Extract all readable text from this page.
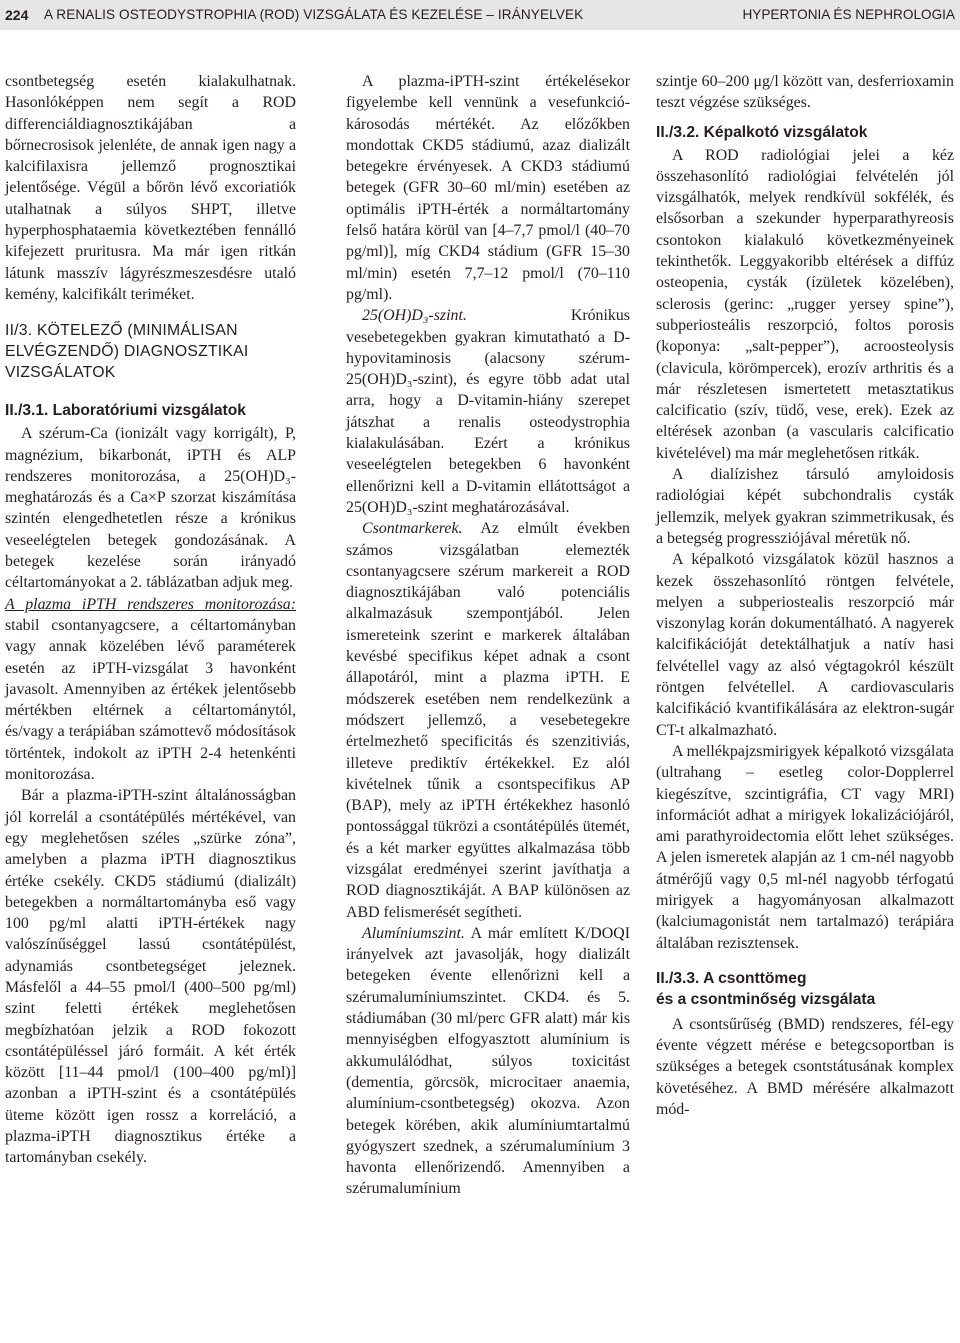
224 A RENALIS OSTEODYSTROPHIA (ROD) VIZSGÁLATA ÉS KEZELÉSE – IRÁNYELVEK	HYPERTONIA ÉS NEPHROLOGIA

csontbetegség esetén kialakulhatnak. Hasonlóképpen nem segít a ROD differenciáldiagnosztikájában a bőrnecrosisok jelenléte, de annak igen nagy a kalcifilaxisra jellemző prognosztikai jelentősége. Végül a bőrön lévő excoriatiók utalhatnak a súlyos SHPT, illetve hyperphosphataemia következtében fennálló kifejezett pruritusra. Ma már igen ritkán látunk masszív lágyrészmeszesdésre utaló kemény, kalcifikált teriméket.

II/3. KÖTELEZŐ (MINIMÁLISAN ELVÉGZENDŐ) DIAGNOSZTIKAI VIZSGÁLATOK
II./3.1. Laboratóriumi vizsgálatok

A szérum-Ca (ionizált vagy korrigált), P, magnézium, bikarbonát, iPTH és ALP rendszeres monitorozása, a 25(OH)D₃-meghatározás és a Ca×P szorzat kiszámítása szintén elengedhetetlen része a krónikus veseelégtelen betegek gondozásának. A betegek kezelése során irányadó céltartományokat a 2. táblázatban adjuk meg.

A plazma iPTH rendszeres monitorozása: stabil csontanyagcsere, a céltartományban vagy annak közelében lévő paraméterek esetén az iPTH-vizsgálat 3 havonként javasolt. Amennyiben az értékek jelentősebb mértékben eltérnek a céltartománytól, és/vagy a terápiában számottevő módosítások történtek, indokolt az iPTH 2-4 hetenkénti monitorozása.

Bár a plazma-iPTH-szint általánosságban jól korrelál a csontátépülés mértékével, van egy meglehetősen széles „szürke zóna”, amelyben a plazma iPTH diagnosztikus értéke csekély. CKD5 stádiumú (dializált) betegekben a normáltartományba eső vagy 100 pg/ml alatti iPTH-értékek nagy valószínűséggel lassú csontátépülést, adynamiás csontbetegséget jeleznek. Másfelől a 44–55 pmol/l (400–500 pg/ml) szint feletti értékek meglehetősen megbízhatóan jelzik a ROD fokozott csontátépüléssel járó formáit. A két érték között [11–44 pmol/l (100–400 pg/ml)] azonban a iPTH-szint és a csontátépülés üteme között igen rossz a korreláció, a plazma-iPTH diagnosztikus értéke a tartományban csekély.

A plazma-iPTH-szint értékelésekor figyelembe kell vennünk a vesefunkció-károsodás mértékét. Az előzőkben mondottak CKD5 stádiumú, azaz dializált betegekre érvényesek. A CKD3 stádiumú betegek (GFR 30–60 ml/min) esetében az optimális iPTH-érték a normáltartomány felső határa körül van [4–7,7 pmol/l (40–70 pg/ml)], míg CKD4 stádium (GFR 15–30 ml/min) esetén 7,7–12 pmol/l (70–110 pg/ml).

25(OH)D₃-szint. Krónikus vesebetegekben gyakran kimutatható a D-hypovitaminosis (alacsony szérum-25(OH)D₃-szint), és egyre több adat utal arra, hogy a D-vitamin-hiány szerepet játszhat a renalis osteodystrophia kialakulásában. Ezért a krónikus veseelégtelen betegekben 6 havonként ellenőrizni kell a D-vitamin ellátottságot a 25(OH)D₃-szint meghatározásával.

Csontmarkerek. Az elmúlt években számos vizsgálatban elemezték csontanyagcsere szérum markereit a ROD diagnosztikájában való potenciális alkalmazásuk szempontjából. Jelen ismereteink szerint e markerek általában kevésbé specifikus képet adnak a csont állapotáról, mint a plazma iPTH. E módszerek esetében nem rendelkezünk a módszert jellemző, a vesebetegekre értelmezhető specificitás és szenzitiviás, illeteve prediktív értékekkel. Ez alól kivételnek tűnik a csontspecifikus AP (BAP), mely az iPTH értékekhez hasonló pontossággal tükrözi a csontátépülés ütemét, és a két marker együttes alkalmazása több vizsgálat eredményei szerint javíthatja a ROD diagnosztikáját. A BAP különösen az ABD felismerését segítheti.

Alumíniumszint. A már említett K/DOQI irányelvek azt javasolják, hogy dializált betegeken évente ellenőrizni kell a szérumalumíniumszintet. CKD4. és 5. stádiumában (30 ml/perc GFR alatt) már kis mennyiségben elfogyasztott alumínium is akkumulálódhat, súlyos toxicitást (dementia, görcsök, microcitaer anaemia, alumínium-csontbetegség) okozva. Azon betegek körében, akik alumíniumtartalmú gyógyszert szednek, a szérumalumínium 3 havonta ellenőrizendő. Amennyiben a szérumalumínium

szintje 60–200 μg/l között van, desferrioxamin teszt végzése szükséges.

II./3.2. Képalkotó vizsgálatok

A ROD radiológiai jelei a kéz összehasonlító radiológiai felvételén jól vizsgálhatók, melyek rendkívül sokfélék, és elsősorban a szekunder hyperparathyreosis csontokon kialakuló következményeinek tekinthetők. Leggyakoribb eltérések a diffúz osteopenia, cysták (ízületek közelében), sclerosis (gerinc: „rugger yersey spine”), subperiosteális reszorpció, foltos porosis (koponya: „salt-pepper”), acroosteolysis (clavicula, körömpercek), erozív arthritis és a már részletesen ismertetett metasztatikus calcificatio (szív, tüdő, vese, erek). Ezek az eltérések azonban (a vascularis calcificatio kivételével) ma már meglehetősen ritkák.

A dialízishez társuló amyloidosis radiológiai képét subchondralis cysták jellemzik, melyek gyakran szimmetrikusak, és a betegség progressziójával méretük nő.

A képalkotó vizsgálatok közül hasznos a kezek összehasonlító röntgen felvétele, melyen a subperiostealis reszorpció már viszonylag korán dokumentálható. A nagyerek kalcifikációját detektálhatjuk a natív hasi felvétellel vagy az alsó végtagokról készült röntgen felvétellel. A cardiovascularis kalcifikáció kvantifikálására az elektron-sugár CT-t alkalmazható.

A mellékpajzsmirigyek képalkotó vizsgálata (ultrahang – esetleg color-Dopplerrel kiegészítve, szcintigráfia, CT vagy MRI) információt adhat a mirigyek lokalizációjáról, ami parathyroidectomia előtt lehet szükséges. A jelen ismeretek alapján az 1 cm-nél nagyobb átmérőjű vagy 0,5 ml-nél nagyobb térfogatú mirigyek a hagyományosan alkalmazott (kalciumagonistát nem tartalmazó) terápiára általában rezisztensek.

II./3.3. A csonttömeg
és a csontminőség vizsgálata

A csontsűrűség (BMD) rendszeres, fél-egy évente végzett mérése e betegcsoportban is szükséges a betegek csontstátusának komplex követéséhez. A BMD mérésére alkalmazott mód-
